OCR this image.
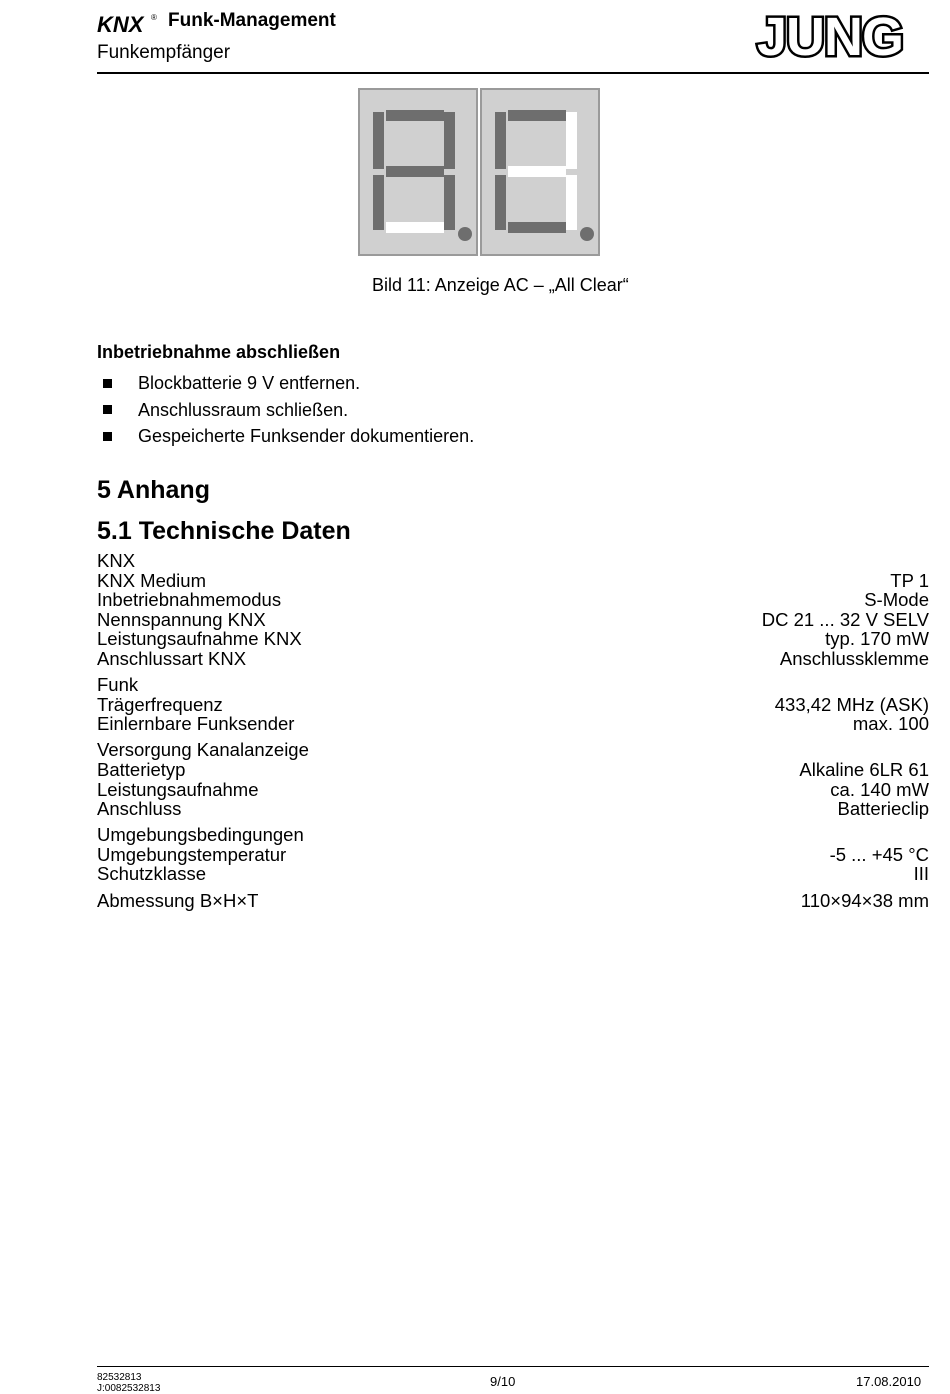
KNX ® Funk-Management
Funkempfänger	JUNG
Bild 11: Anzeige AC – „All Clear“
Inbetriebnahme abschließen
Blockbatterie 9 V entfernen.
Anschlussraum schließen.
Gespeicherte Funksender dokumentieren.
5 Anhang
5.1 Technische Daten
KNX
KNX Medium	TP 1
Inbetriebnahmemodus	S-Mode
Nennspannung KNX	DC 21 ... 32 V SELV
Leistungsaufnahme KNX	typ. 170 mW
Anschlussart KNX	Anschlussklemme
Funk
Trägerfrequenz	433,42 MHz (ASK)
Einlernbare Funksender	max. 100
Versorgung Kanalanzeige
Batterietyp	Alkaline 6LR 61
Leistungsaufnahme	ca. 140 mW
Anschluss	Batterieclip
Umgebungsbedingungen
Umgebungstemperatur	-5 ... +45 °C
Schutzklasse	III
Abmessung B×H×T	110×94×38 mm
82532813
J:0082532813	9/10	17.08.2010
